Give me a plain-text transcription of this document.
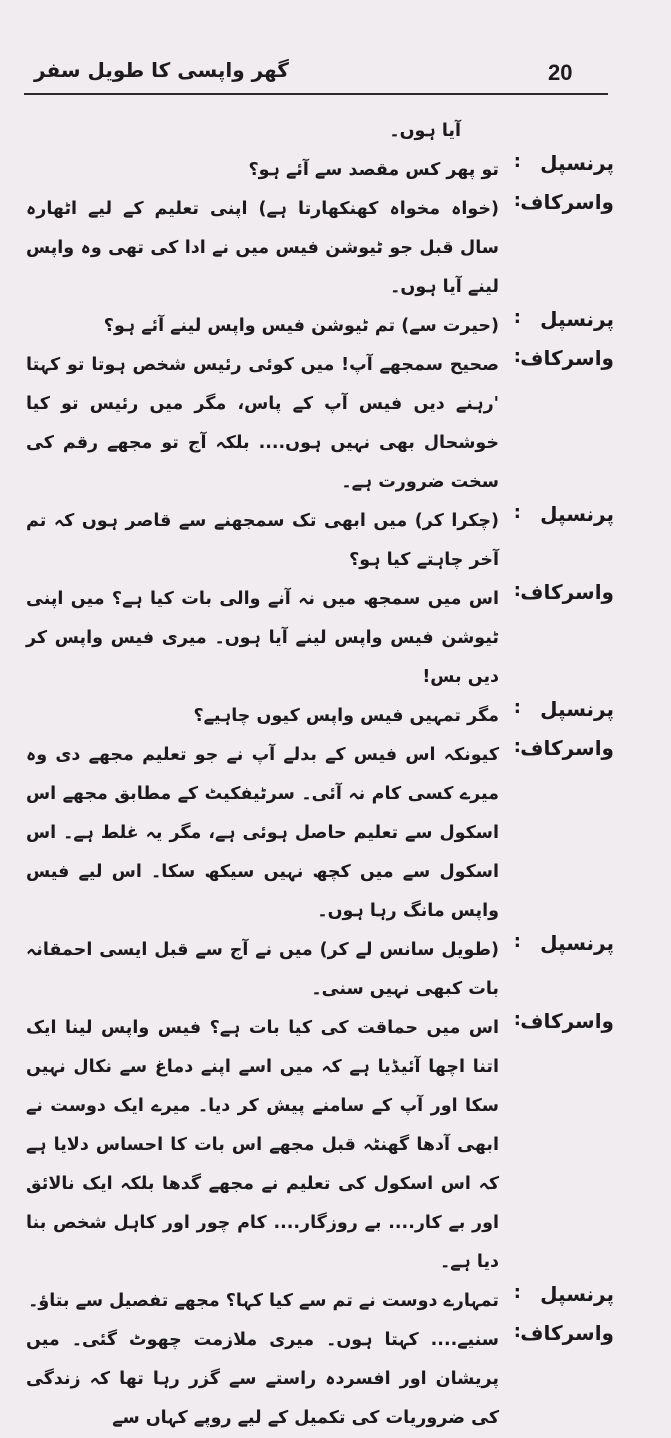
20
گھر واپسی کا طویل سفر
آیا ہوں۔
پرنسپل
:
تو پھر کس مقصد سے آئے ہو؟
واسرکاف
:
(خواہ مخواہ کھنکھارتا ہے) اپنی تعلیم کے لیے اٹھارہ سال قبل جو ٹیوشن فیس میں نے ادا کی تھی وہ واپس لینے آیا ہوں۔
پرنسپل
:
(حیرت سے) تم ٹیوشن فیس واپس لینے آئے ہو؟
واسرکاف
:
صحیح سمجھے آپ! میں کوئی رئیس شخص ہوتا تو کہتا 'رہنے دیں فیس آپ کے پاس، مگر میں رئیس تو کیا خوشحال بھی نہیں ہوں.... بلکہ آج تو مجھے رقم کی سخت ضرورت ہے۔
پرنسپل
:
(چکرا کر) میں ابھی تک سمجھنے سے قاصر ہوں کہ تم آخر چاہتے کیا ہو؟
واسرکاف
:
اس میں سمجھ میں نہ آنے والی بات کیا ہے؟ میں اپنی ٹیوشن فیس واپس لینے آیا ہوں۔ میری فیس واپس کر دیں بس!
پرنسپل
:
مگر تمہیں فیس واپس کیوں چاہیے؟
واسرکاف
:
کیونکہ اس فیس کے بدلے آپ نے جو تعلیم مجھے دی وہ میرے کسی کام نہ آئی۔ سرٹیفکیٹ کے مطابق مجھے اس اسکول سے تعلیم حاصل ہوئی ہے، مگر یہ غلط ہے۔ اس اسکول سے میں کچھ نہیں سیکھ سکا۔ اس لیے فیس واپس مانگ رہا ہوں۔
پرنسپل
:
(طویل سانس لے کر) میں نے آج سے قبل ایسی احمقانہ بات کبھی نہیں سنی۔
واسرکاف
:
اس میں حماقت کی کیا بات ہے؟ فیس واپس لینا ایک اتنا اچھا آئیڈیا ہے کہ میں اسے اپنے دماغ سے نکال نہیں سکا اور آپ کے سامنے پیش کر دیا۔ میرے ایک دوست نے ابھی آدھا گھنٹہ قبل مجھے اس بات کا احساس دلایا ہے کہ اس اسکول کی تعلیم نے مجھے گدھا بلکہ ایک نالائق اور بے کار.... بے روزگار.... کام چور اور کاہل شخص بنا دیا ہے۔
پرنسپل
:
تمہارے دوست نے تم سے کیا کہا؟ مجھے تفصیل سے بتاؤ۔
واسرکاف
:
سنیے.... کہتا ہوں۔ میری ملازمت چھوٹ گئی۔ میں پریشان اور افسردہ راستے سے گزر رہا تھا کہ زندگی کی ضروریات کی تکمیل کے لیے روپے کہاں سے
